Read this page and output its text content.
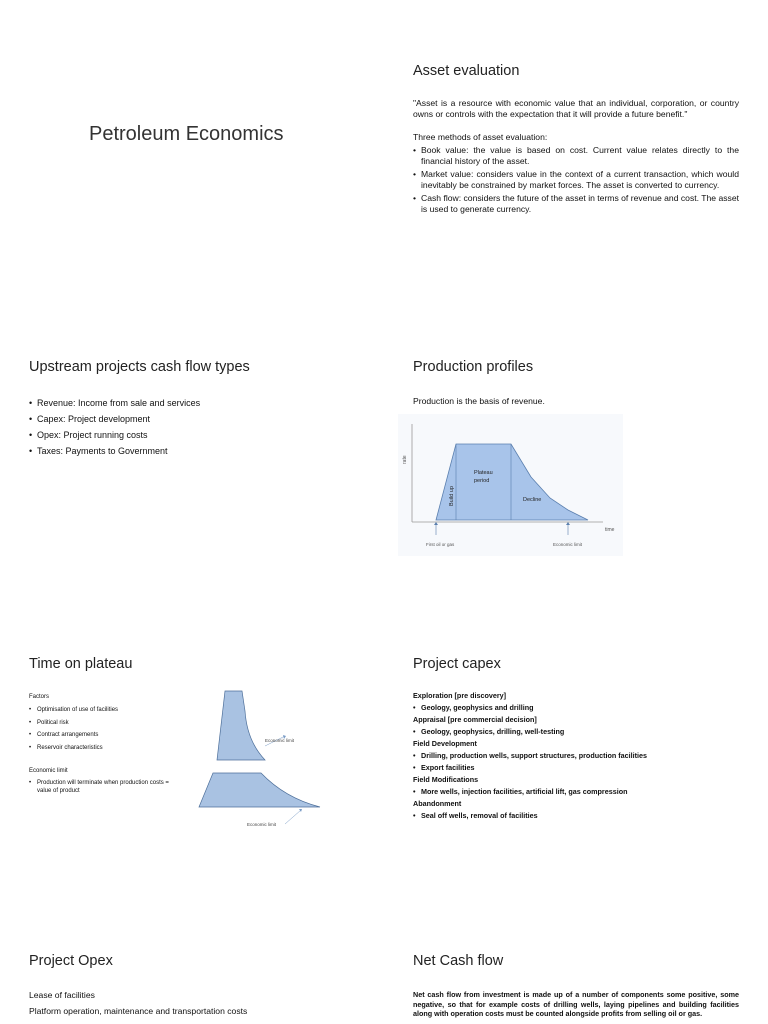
Petroleum Economics
Asset evaluation
"Asset is a resource with economic value that an individual, corporation, or country owns or controls with the expectation that it will provide a future benefit."
Three methods of asset evaluation:
• Book value: the value is based on cost. Current value relates directly to the financial history of the asset.
• Market value: considers value in the context of a current transaction, which would inevitably be constrained by market forces. The asset is converted to currency.
• Cash flow: considers the future of the asset in terms of revenue and cost. The asset is used to generate currency.
Upstream projects cash flow types
• Revenue: Income from sale and services
• Capex: Project development
• Opex: Project running costs
• Taxes: Payments to Government
Production profiles
Production is the basis of revenue.
rate
time
Build up
Plateau
period
Decline
First oil or gas	Economic limit
Time on plateau
Factors
• Optimisation of use of facilities
• Political risk
• Contract arrangements
• Reservoir characteristics
Economic limit
• Production will terminate when production costs = value of product
Economic limit
Economic limit
Project capex
Exploration [pre discovery]
• Geology, geophysics and drilling
Appraisal [pre commercial decision]
• Geology, geophysics, drilling, well-testing
Field Development
• Drilling, production wells, support structures, production facilities
• Export facilities
Field Modifications
• More wells, injection facilities, artificial lift, gas compression
Abandonment
• Seal off wells, removal of facilities
Project Opex
Lease of facilities
Platform operation, maintenance and transportation costs
Net Cash flow
Net cash flow from investment is made up of a number of components some positive, some negative, so that for example costs of drilling wells, laying pipelines and building facilities along with operation costs must be counted alongside profits from selling oil or gas.
